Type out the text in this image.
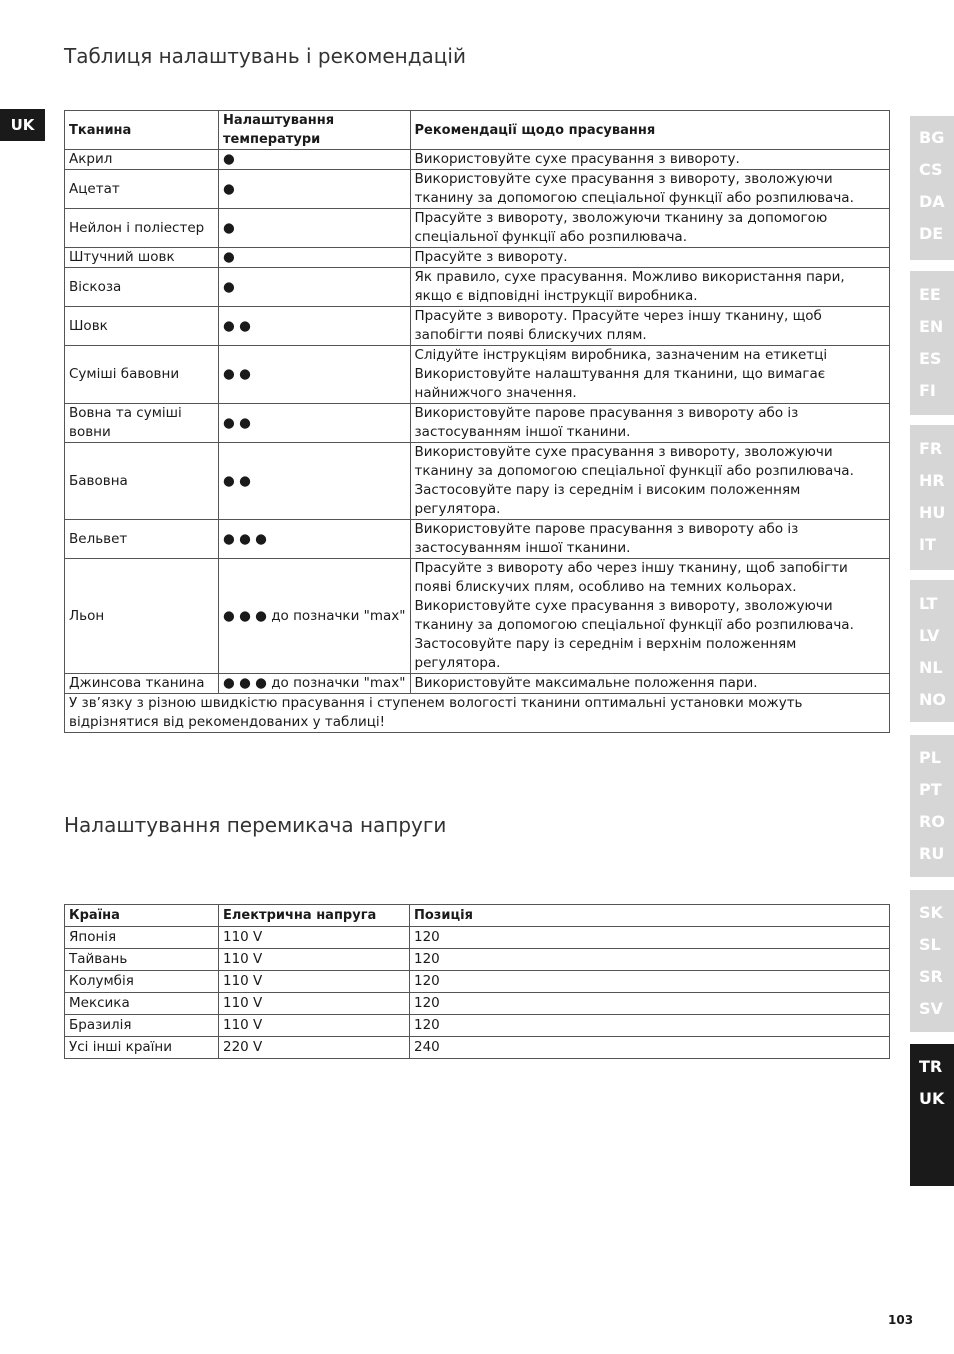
UK
Таблиця налаштувань і рекомендацій
Тканина	Налаштування температури	Рекомендації щодо прасування
Акрил	●	Використовуйте сухе прасування з вивороту.
Ацетат	●	Використовуйте сухе прасування з вивороту, зволожуючи тканину за допомогою спеціальної функції або розпилювача.
Нейлон і поліестер	●	Прасуйте з вивороту, зволожуючи тканину за допомогою спеціальної функції або розпилювача.
Штучний шовк	●	Прасуйте з вивороту.
Віскоза	●	Як правило, сухе прасування. Можливо використання пари, якщо є відповідні інструкції виробника.
Шовк	● ●	Прасуйте з вивороту. Прасуйте через іншу тканину, щоб запобігти появі блискучих плям.
Суміші бавовни	● ●	Слідуйте інструкціям виробника, зазначеним на етикетці Використовуйте налаштування для тканини, що вимагає найнижчого значення.
Вовна та суміші вовни	● ●	Використовуйте парове прасування з вивороту або із застосуванням іншої тканини.
Бавовна	● ●	Використовуйте сухе прасування з вивороту, зволожуючи тканину за допомогою спеціальної функції або розпилювача. Застосовуйте пару із середнім і високим положенням регулятора.
Вельвет	● ● ●	Використовуйте парове прасування з вивороту або із застосуванням іншої тканини.
Льон	● ● ● до позначки "max"	Прасуйте з вивороту або через іншу тканину, щоб запобігти появі блискучих плям, особливо на темних кольорах. Використовуйте сухе прасування з вивороту, зволожуючи тканину за допомогою спеціальної функції або розпилювача. Застосовуйте пару із середнім і верхнім положенням регулятора.
Джинсова тканина	● ● ● до позначки "max"	Використовуйте максимальне положення пари.
У зв’язку з різною швидкістю прасування і ступенем вологості тканини оптимальні установки можуть відрізнятися від рекомендованих у таблиці!		
Налаштування перемикача напруги
Країна	Електрична напруга	Позиція
Японія	110 V	120
Тайвань	110 V	120
Колумбія	110 V	120
Мексика	110 V	120
Бразилія	110 V	120
Усі інші країни	220 V	240
BG
CS
DA
DE
EE
EN
ES
FI
FR
HR
HU
IT
LT
LV
NL
NO
PL
PT
RO
RU
SK
SL
SR
SV
TR
UK
103
